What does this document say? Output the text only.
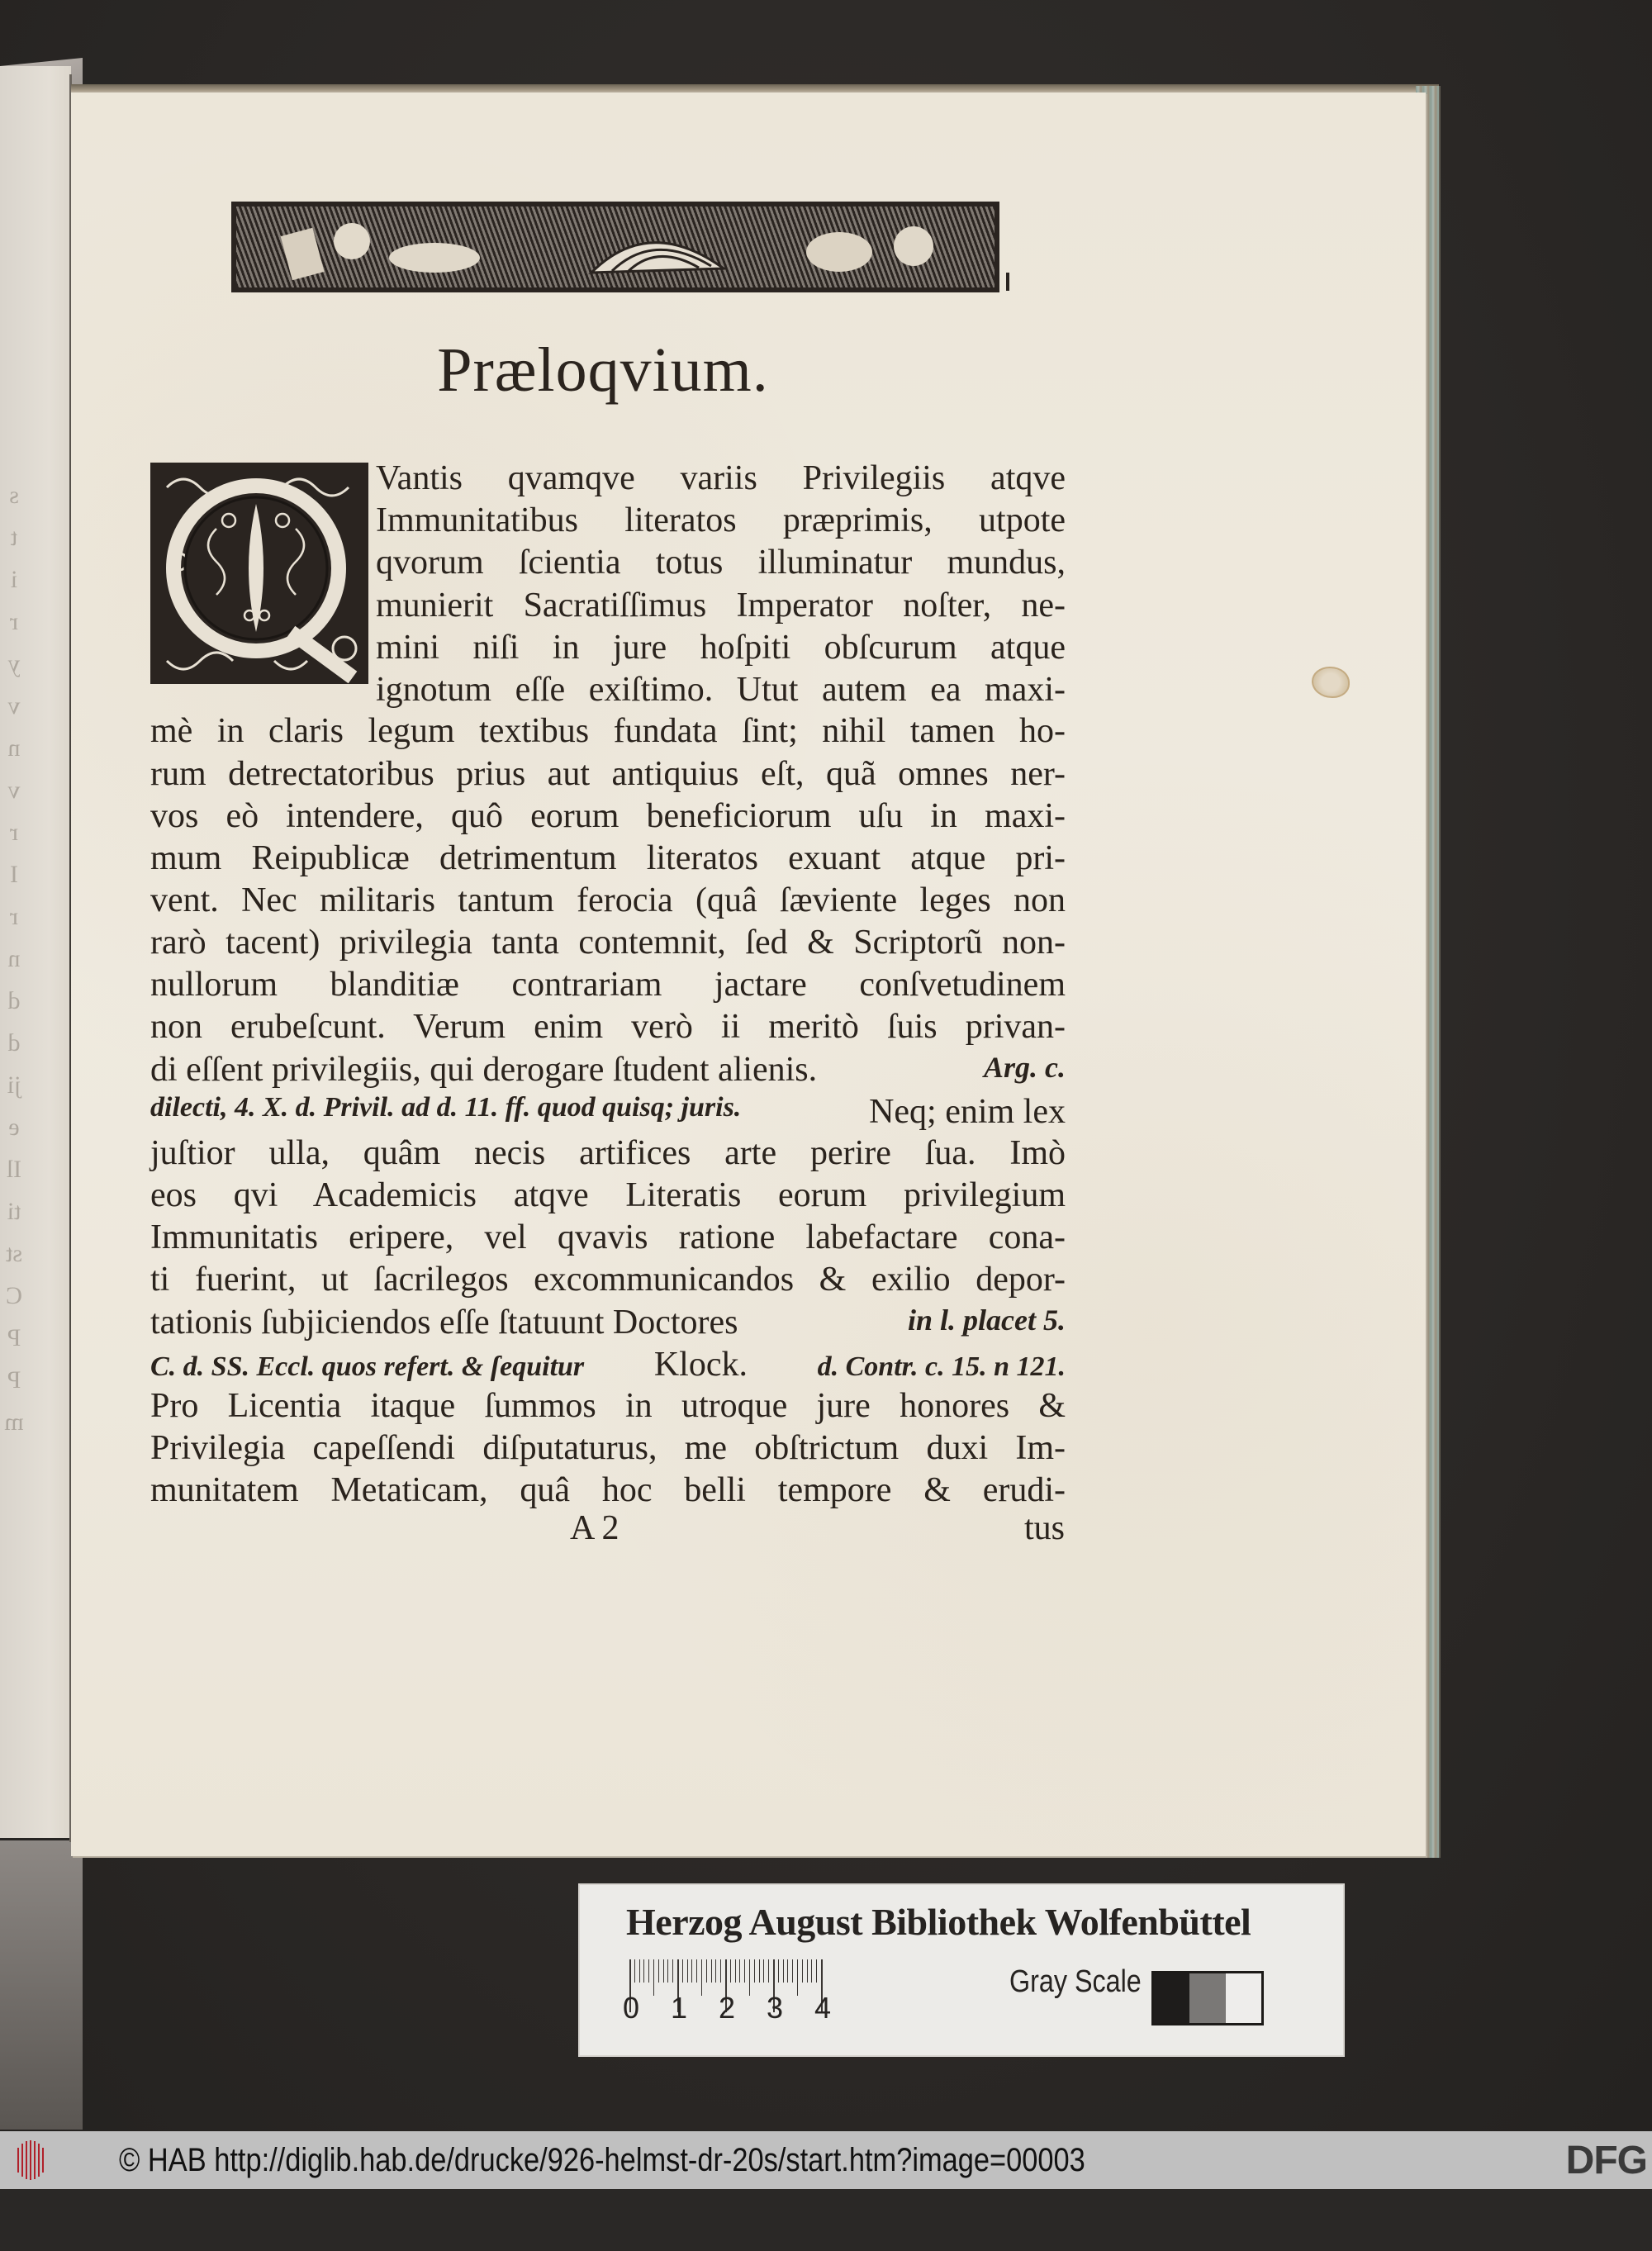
s
t
i
r
y
v
n
v
r
I
r
n
d
d
ji
e
Il
ti
st
C
P
P
m
Præloqvium.
Vantis qvamqve variis Privilegiis atqve
Immunitatibus literatos præprimis, utpote
qvorum ſcientia totus illuminatur mundus,
munierit Sacratiſſimus Imperator noſter, ne-
mini niſi in jure hoſpiti obſcurum atque
ignotum eſſe exiſtimo. Utut autem ea maxi-
mè in claris legum textibus fundata ſint; nihil tamen ho-
rum detrectatoribus prius aut antiquius eſt, quã omnes ner-
vos eò intendere, quô eorum beneficiorum uſu in maxi-
mum Reipublicæ detrimentum literatos exuant atque pri-
vent. Nec militaris tantum ferocia (quâ ſæviente leges non
rarò tacent) privilegia tanta contemnit, ſed & Scriptorũ non-
nullorum blanditiæ contrariam jactare conſvetudinem
non erubeſcunt. Verum enim verò ii meritò ſuis privan-
di eſſent privilegiis, qui derogare ſtudent alienis.	Arg. c.
dilecti, 4. X. d. Privil. ad d. 11. ff. quod quisq; juris.	Neq; enim lex
juſtior ulla, quâm necis artifices arte perire ſua. Imò
eos qvi Academicis atqve Literatis eorum privilegium
Immunitatis eripere, vel qvavis ratione labefactare cona-
ti fuerint, ut ſacrilegos excommunicandos & exilio depor-
tationis ſubjiciendos eſſe ſtatuunt Doctores	in l. placet 5.
C. d. SS. Eccl. quos refert. & ſequitur Klock. d. Contr. c. 15. n 121.
Pro Licentia itaque ſummos in utroque jure honores &
Privilegia capeſſendi diſputaturus, me obſtrictum duxi Im-
munitatem Metaticam, quâ hoc belli tempore & erudi-
A 2	tus
Herzog August Bibliothek Wolfenbüttel
0 1 2 3 4
Gray Scale
© HAB http://diglib.hab.de/drucke/926-helmst-dr-20s/start.htm?image=00003	DFG
